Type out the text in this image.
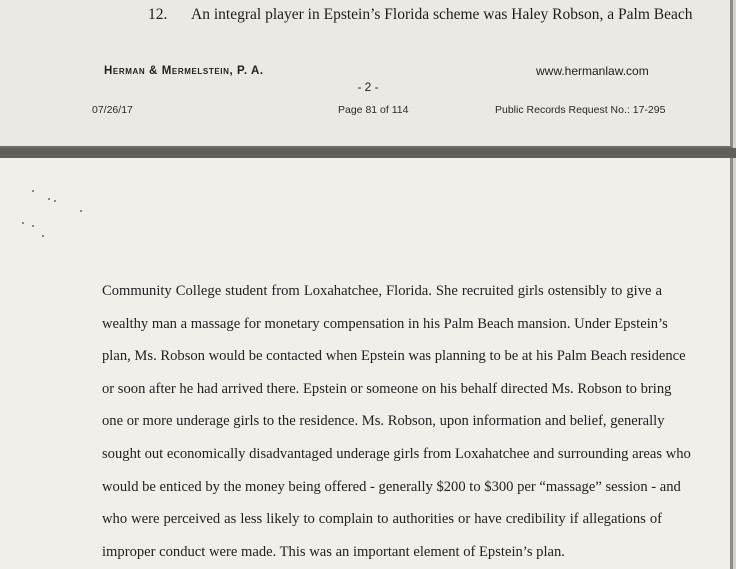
12. An integral player in Epstein’s Florida scheme was Haley Robson, a Palm Beach
Herman & Mermelstein, P. A.	www.hermanlaw.com
- 2 -
07/26/17	Page 81 of 114	Public Records Request No.: 17-295
Community College student from Loxahatchee, Florida. She recruited girls ostensibly to give a
wealthy man a massage for monetary compensation in his Palm Beach mansion. Under Epstein’s
plan, Ms. Robson would be contacted when Epstein was planning to be at his Palm Beach residence
or soon after he had arrived there. Epstein or someone on his behalf directed Ms. Robson to bring
one or more underage girls to the residence. Ms. Robson, upon information and belief, generally
sought out economically disadvantaged underage girls from Loxahatchee and surrounding areas who
would be enticed by the money being offered - generally $200 to $300 per “massage” session - and
who were perceived as less likely to complain to authorities or have credibility if allegations of
improper conduct were made. This was an important element of Epstein’s plan.
